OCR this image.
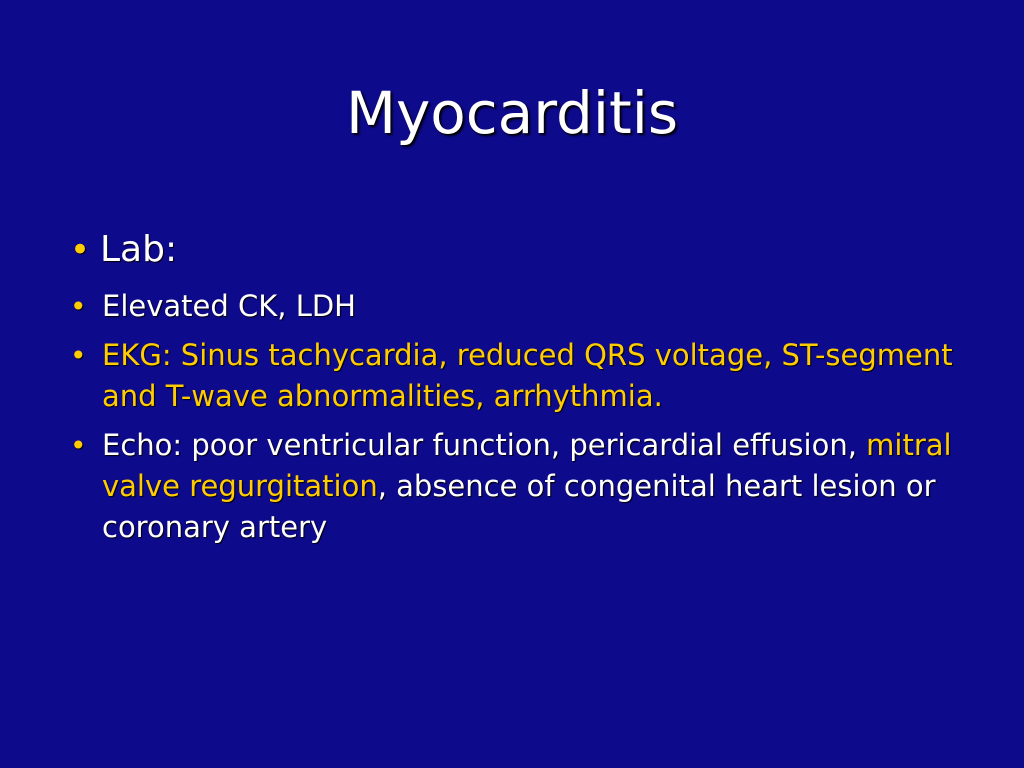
Myocarditis
• Lab:
• Elevated CK, LDH
• EKG: Sinus tachycardia, reduced QRS voltage, ST-segment and T-wave abnormalities, arrhythmia.
• Echo: poor ventricular function, pericardial effusion, mitral valve regurgitation, absence of congenital heart lesion or coronary artery
